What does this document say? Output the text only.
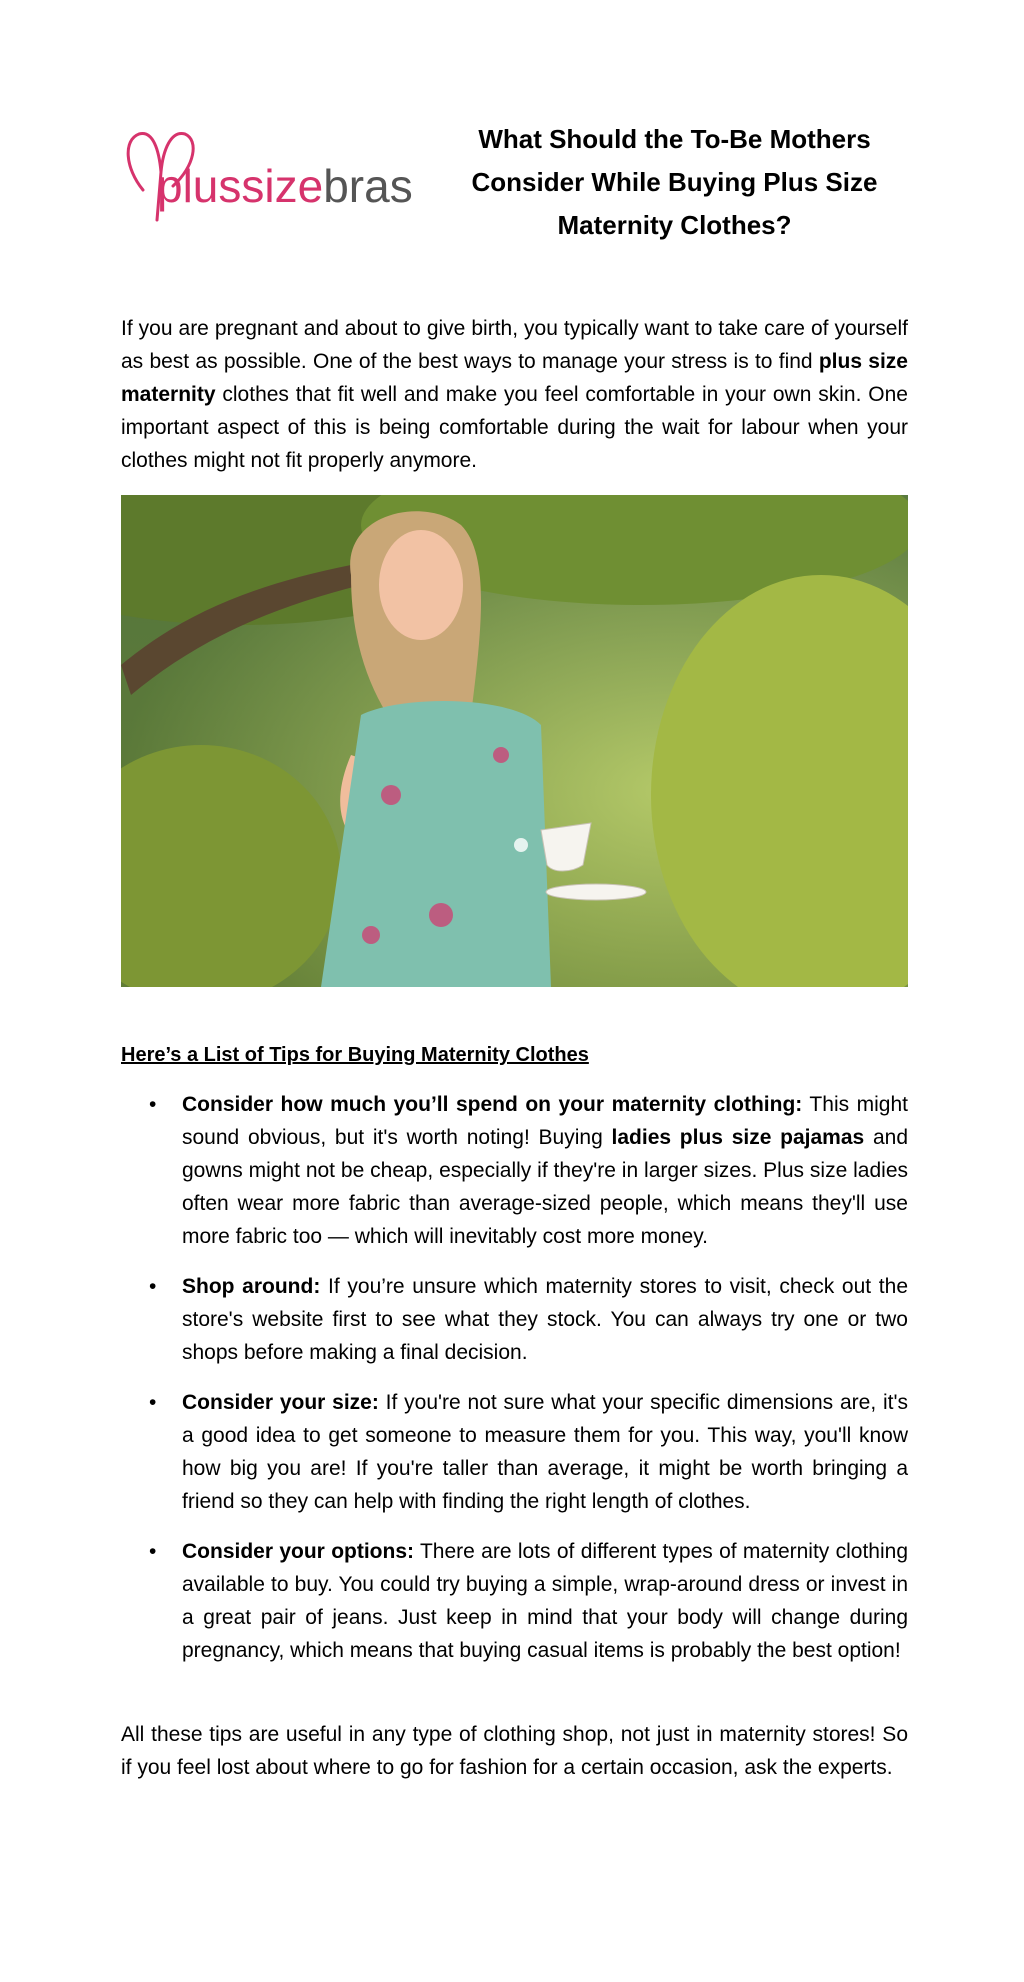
plussizebras
What Should the To-Be Mothers Consider While Buying Plus Size Maternity Clothes?

If you are pregnant and about to give birth, you typically want to take care of yourself as best as possible. One of the best ways to manage your stress is to find plus size maternity clothes that fit well and make you feel comfortable in your own skin. One important aspect of this is being comfortable during the wait for labour when your clothes might not fit properly anymore.

Here’s a List of Tips for Buying Maternity Clothes
• Consider how much you’ll spend on your maternity clothing: This might sound obvious, but it's worth noting! Buying ladies plus size pajamas and gowns might not be cheap, especially if they're in larger sizes. Plus size ladies often wear more fabric than average-sized people, which means they'll use more fabric too — which will inevitably cost more money.
• Shop around: If you’re unsure which maternity stores to visit, check out the store's website first to see what they stock. You can always try one or two shops before making a final decision.
• Consider your size: If you're not sure what your specific dimensions are, it's a good idea to get someone to measure them for you. This way, you'll know how big you are! If you're taller than average, it might be worth bringing a friend so they can help with finding the right length of clothes.
• Consider your options: There are lots of different types of maternity clothing available to buy. You could try buying a simple, wrap-around dress or invest in a great pair of jeans. Just keep in mind that your body will change during pregnancy, which means that buying casual items is probably the best option!

All these tips are useful in any type of clothing shop, not just in maternity stores! So if you feel lost about where to go for fashion for a certain occasion, ask the experts.
